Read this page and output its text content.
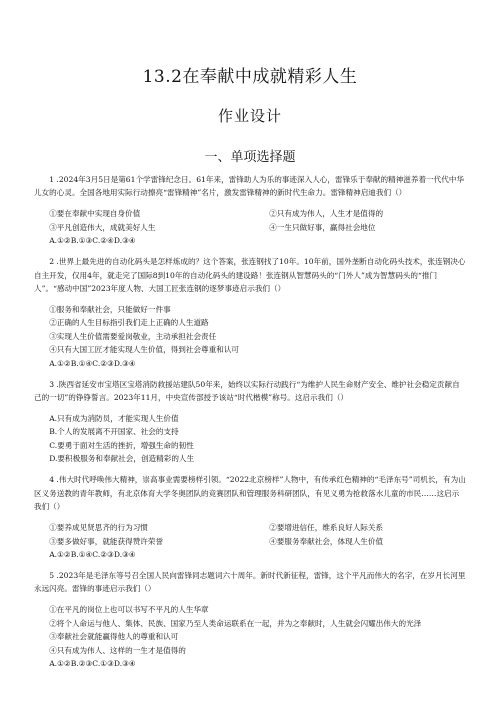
13.2在奉献中成就精彩人生
作业设计
一、单项选择题

1 .2024年3月5日是第61个学雷锋纪念日。61年来，雷锋助人为乐的事迹深入人心，雷锋乐于奉献的精神滋养着一代代中华儿女的心灵。全国各地用实际行动擦亮“雷锋精神”名片，激发雷锋精神的新时代生命力。雷锋精神启迪我们（）

①要在奉献中实现自身价值	②只有成为伟人，人生才是值得的

③平凡创造伟大，成就美好人生	④一生只做好事，赢得社会地位

A.①②B.①③C.②④D.③④

2 .世界上最先进的自动化码头是怎样炼成的？这个答案，张连钢找了10年。10年前，国外垄断自动化码头技术，张连钢决心自主开发，仅用4年，就走完了国际8到10年的自动化码头的建设路！张连钢从智慧码头的“门外人”成为智慧码头的“推门人”。“感动中国”2023年度人物、大国工匠张连钢的逐梦事迹启示我们（）

①服务和奉献社会，只能做好一件事

②正确的人生目标指引我们走上正确的人生道路

③实现人生价值需要爱岗敬业，主动承担社会责任

④只有大国工匠才能实现人生价值，得到社会尊重和认可

A.①②B.①④C.②③D.③④

3 .陕西省延安市宝塔区宝塔消防救援站建队50年来，始终以实际行动践行“为维护人民生命财产安全、维护社会稳定贡献自己的一切”的铮铮誓言。2023年11月，中央宣传部授予该站“时代楷模”称号。这启示我们（）

A.只有成为消防员，才能实现人生价值

B.个人的发展离不开国家、社会的支持

C.要勇于面对生活的挫折，增强生命的韧性

D.要积极服务和奉献社会，创造精彩的人生

4 .伟大时代呼唤伟大精神，崇高事业需要榜样引领。“2022北京榜样”人物中，有传承红色精神的“毛泽东号”司机长，有为山区义务送教的青年教师，有北京体育大学冬奥团队的竞赛团队和管理服务科研团队，有见义勇为抢救落水儿童的市民……这启示我们（）

①要养成见贤思齐的行为习惯	②要增进信任，维系良好人际关系

③要多做好事，就能获得赞许荣誉	④要服务奉献社会，体现人生价值

A.①②B.①④C.②③D.③④

5 .2023年是毛泽东等号召全国人民向雷锋同志题词六十周年。新时代新征程，雷锋，这个平凡而伟大的名字，在岁月长河里永远闪亮。雷锋的事迹启示我们（）

①在平凡的岗位上也可以书写不平凡的人生华章

②将个人命运与他人、集体、民族、国家乃至人类命运联系在一起，并为之奉献时，人生就会闪耀出伟大的光泽

③奉献社会就能赢得他人的尊重和认可

④只有成为伟人、这样的一生才是值得的

A.①②B.②③C.①③D.③④
